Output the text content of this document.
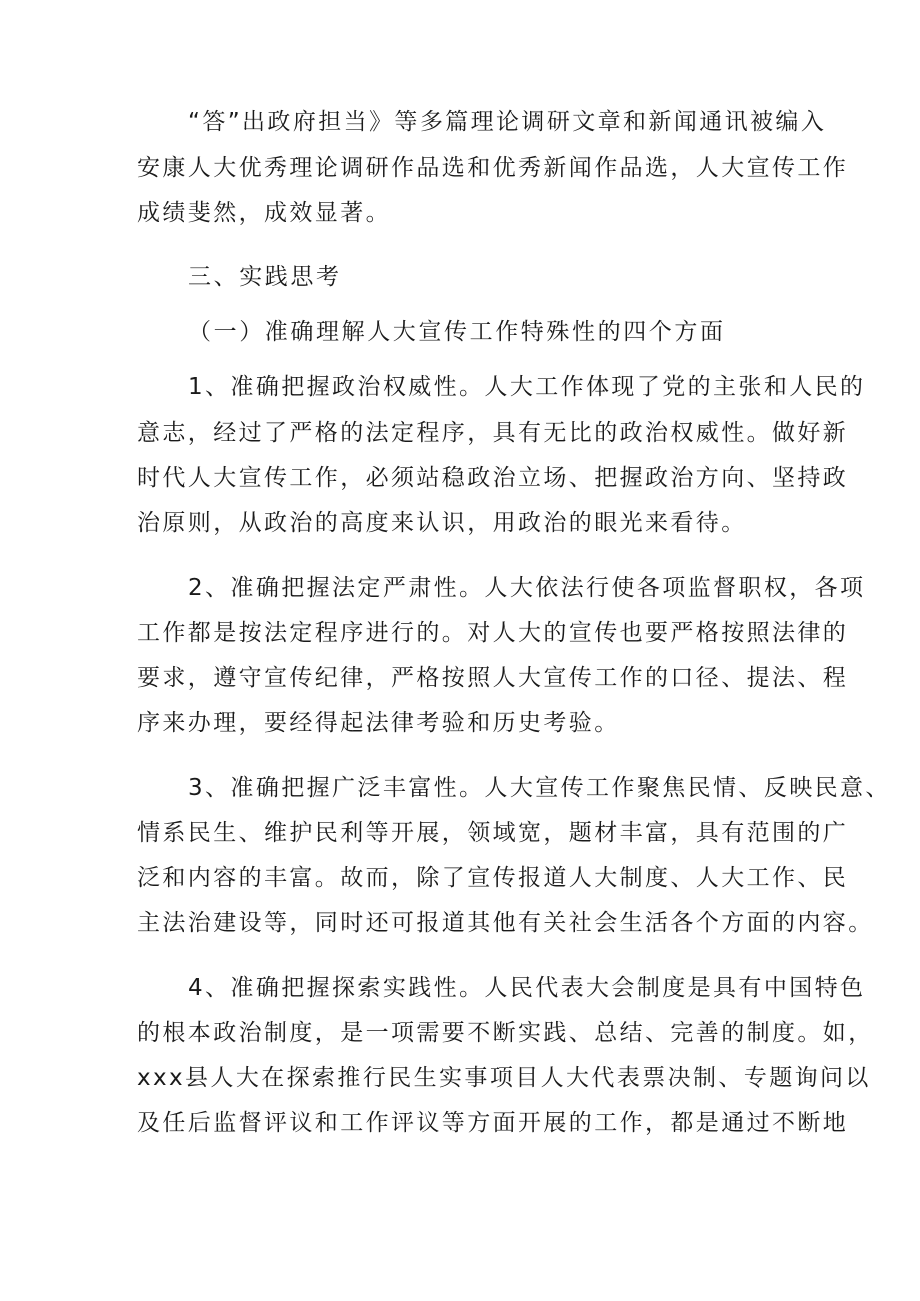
“答”出政府担当》等多篇理论调研文章和新闻通讯被编入
安康人大优秀理论调研作品选和优秀新闻作品选，人大宣传工作
成绩斐然，成效显著。
三、实践思考
（一）准确理解人大宣传工作特殊性的四个方面
1、准确把握政治权威性。人大工作体现了党的主张和人民的
意志，经过了严格的法定程序，具有无比的政治权威性。做好新
时代人大宣传工作，必须站稳政治立场、把握政治方向、坚持政
治原则，从政治的高度来认识，用政治的眼光来看待。
2、准确把握法定严肃性。人大依法行使各项监督职权，各项
工作都是按法定程序进行的。对人大的宣传也要严格按照法律的
要求，遵守宣传纪律，严格按照人大宣传工作的口径、提法、程
序来办理，要经得起法律考验和历史考验。
3、准确把握广泛丰富性。人大宣传工作聚焦民情、反映民意、
情系民生、维护民利等开展，领域宽，题材丰富，具有范围的广
泛和内容的丰富。故而，除了宣传报道人大制度、人大工作、民
主法治建设等，同时还可报道其他有关社会生活各个方面的内容。
4、准确把握探索实践性。人民代表大会制度是具有中国特色
的根本政治制度，是一项需要不断实践、总结、完善的制度。如，
xxx县人大在探索推行民生实事项目人大代表票决制、专题询问以
及任后监督评议和工作评议等方面开展的工作，都是通过不断地
